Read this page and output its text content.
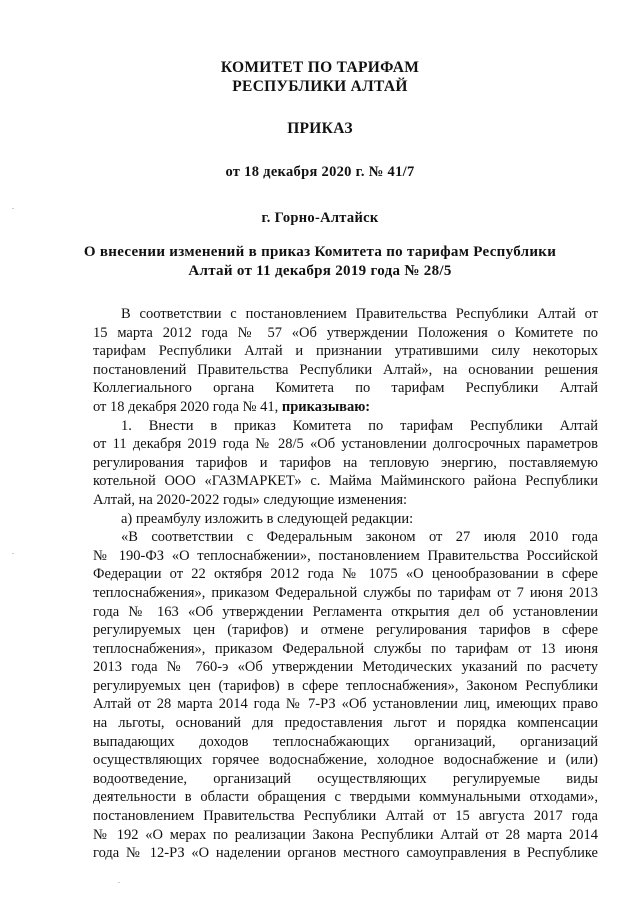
КОМИТЕТ ПО ТАРИФАМ
РЕСПУБЛИКИ АЛТАЙ
ПРИКАЗ
от 18 декабря 2020 г. № 41/7
г. Горно-Алтайск
О внесении изменений в приказ Комитета по тарифам Республики
Алтай от 11 декабря 2019 года № 28/5
В соответствии с постановлением Правительства Республики Алтай от
15 марта 2012 года № 57 «Об утверждении Положения о Комитете по
тарифам Республики Алтай и признании утратившими силу некоторых
постановлений Правительства Республики Алтай», на основании решения
Коллегиального органа Комитета по тарифам Республики Алтай
от 18 декабря 2020 года № 41, приказываю:
1. Внести в приказ Комитета по тарифам Республики Алтай
от 11 декабря 2019 года № 28/5 «Об установлении долгосрочных параметров
регулирования тарифов и тарифов на тепловую энергию, поставляемую
котельной ООО «ГАЗМАРКЕТ» с. Майма Майминского района Республики
Алтай, на 2020-2022 годы» следующие изменения:
а) преамбулу изложить в следующей редакции:
«В соответствии с Федеральным законом от 27 июля 2010 года
№ 190-ФЗ «О теплоснабжении», постановлением Правительства Российской
Федерации от 22 октября 2012 года № 1075 «О ценообразовании в сфере
теплоснабжения», приказом Федеральной службы по тарифам от 7 июня 2013
года № 163 «Об утверждении Регламента открытия дел об установлении
регулируемых цен (тарифов) и отмене регулирования тарифов в сфере
теплоснабжения», приказом Федеральной службы по тарифам от 13 июня
2013 года № 760-э «Об утверждении Методических указаний по расчету
регулируемых цен (тарифов) в сфере теплоснабжения», Законом Республики
Алтай от 28 марта 2014 года № 7-РЗ «Об установлении лиц, имеющих право
на льготы, оснований для предоставления льгот и порядка компенсации
выпадающих доходов теплоснабжающих организаций, организаций
осуществляющих горячее водоснабжение, холодное водоснабжение и (или)
водоотведение, организаций осуществляющих регулируемые виды
деятельности в области обращения с твердыми коммунальными отходами»,
постановлением Правительства Республики Алтай от 15 августа 2017 года
№ 192 «О мерах по реализации Закона Республики Алтай от 28 марта 2014
года № 12-РЗ «О наделении органов местного самоуправления в Республике
